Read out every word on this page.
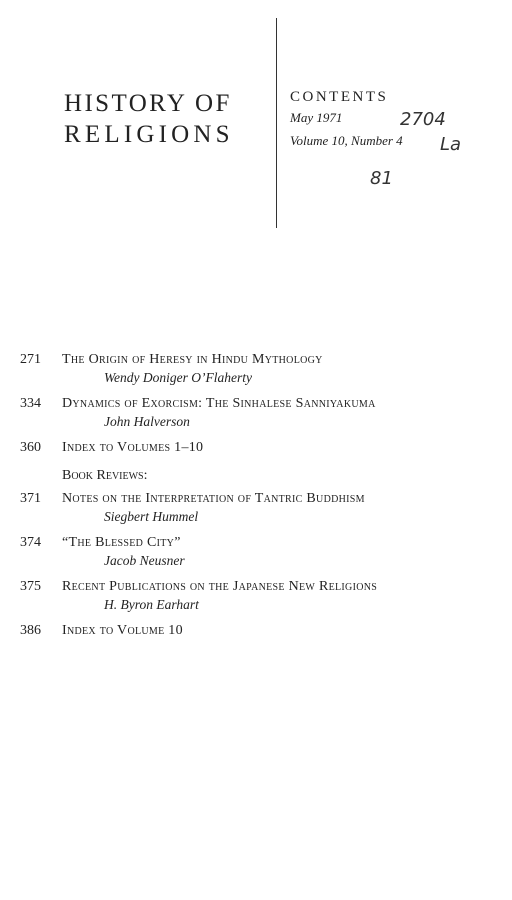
HISTORY OF
RELIGIONS
CONTENTS
May 1971
Volume 10, Number 4
2704
La
81
271	The Origin of Heresy in Hindu Mythology
Wendy Doniger O’Flaherty
334	Dynamics of Exorcism: The Sinhalese Sanniyakuma
John Halverson
360	Index to Volumes 1–10
Book Reviews:
371	Notes on the Interpretation of Tantric Buddhism
Siegbert Hummel
374	“The Blessed City”
Jacob Neusner
375	Recent Publications on the Japanese New Religions
H. Byron Earhart
386	Index to Volume 10
